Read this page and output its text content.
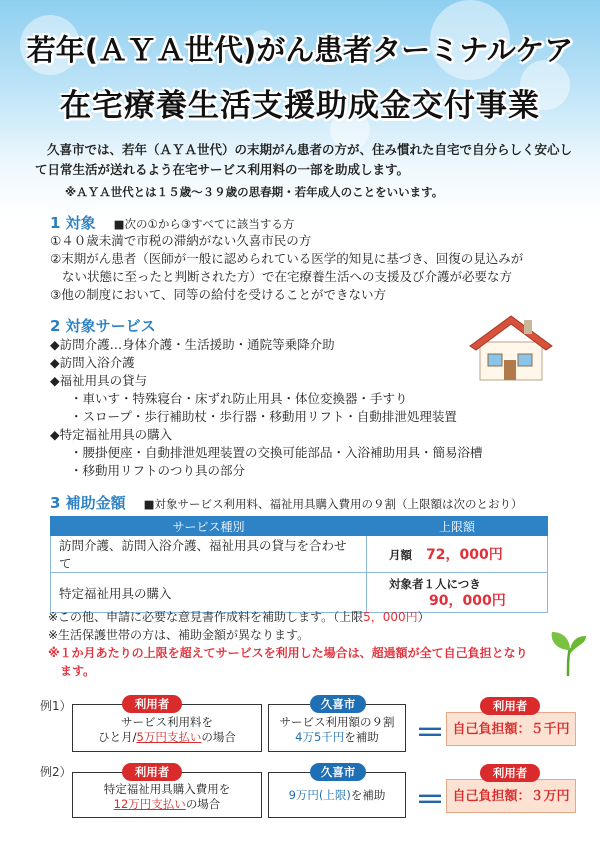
若年(ＡＹＡ世代)がん患者ターミナルケア
在宅療養生活支援助成金交付事業
久喜市では、若年（ＡＹＡ世代）の末期がん患者の方が、住み慣れた自宅で自分らしく安心して日常生活が送れるよう在宅サービス利用料の一部を助成します。
※ＡＹＡ世代とは１５歳～３９歳の思春期・若年成人のことをいいます。
1 対象 ■次の①から③すべてに該当する方
①４０歳未満で市税の滞納がない久喜市民の方
②末期がん患者（医師が一般に認められている医学的知見に基づき、回復の見込みが
ない状態に至ったと判断された方）で在宅療養生活への支援及び介護が必要な方
③他の制度において、同等の給付を受けることができない方
2 対象サービス
◆訪問介護…身体介護・生活援助・通院等乗降介助
◆訪問入浴介護
◆福祉用具の貸与
・車いす・特殊寝台・床ずれ防止用具・体位変換器・手すり
・スロープ・歩行補助杖・歩行器・移動用リフト・自動排泄処理装置
◆特定福祉用具の購入
・腰掛便座・自動排泄処理装置の交換可能部品・入浴補助用具・簡易浴槽
・移動用リフトのつり具の部分
3 補助金額 ■対象サービス利用料、福祉用具購入費用の９割（上限額は次のとおり）
サービス種別	上限額
訪問介護、訪問入浴介護、福祉用具の貸与を合わせて	月額 72，000円
特定福祉用具の購入	対象者１人につき
90，000円
※この他、申請に必要な意見書作成料を補助します。（上限5，000円）
※生活保護世帯の方は、補助金額が異なります。
※１か月あたりの上限を超えてサービスを利用した場合は、超過額が全て自己負担となり
ます。
例1）
サービス利用料を
ひと月/5万円支払いの場合
利用者
サービス利用額の９割
4万5千円を補助
久喜市
＝ 自己負担額：５千円
利用者
例2）
特定福祉用具購入費用を
12万円支払いの場合
利用者
9万円(上限)を補助
久喜市
＝ 自己負担額：３万円
利用者
